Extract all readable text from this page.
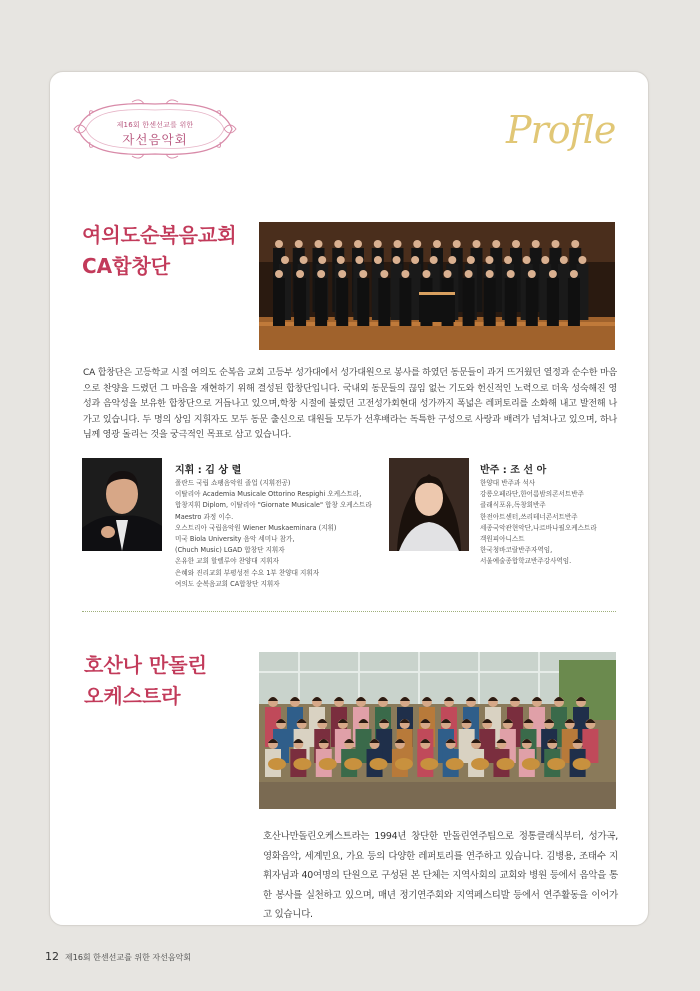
제16회 한센선교를 위한
자선음악회	Profle
여의도순복음교회
CA합창단
CA 합창단은 고등학교 시절 여의도 순복음 교회 고등부 성가대에서 성가대원으로 봉사를 하였던 동문들이 과거 뜨거웠던 열정과 순수한 마음으로 찬양을 드렸던 그 마음을 재현하기 위해 결성된 합창단입니다. 국내외 동문들의 끊임 없는 기도와 헌신적인 노력으로 더욱 성숙해진 영성과 음악성을 보유한 합창단으로 거듭나고 있으며,학창 시절에 불렀던 고전성가회현대 성가까지 폭넓은 레퍼토리를 소화해 내고 발전해 나가고 있습니다. 두 명의 상임 지휘자도 모두 동문 출신으로 대원들 모두가 선후배라는 독특한 구성으로 사랑과 배려가 넘쳐나고 있으며, 하나님께 영광 돌리는 것을 궁극적인 목표로 삼고 있습니다.
지휘 : 김 상 렬
폴란드 국립 쇼팽음악원 졸업 (지휘전공)
이탈리아 Academia Musicale Ottorino Respighi 오케스트라,
합창지휘 Diplom, 이탈리아 "Giornate Musicale" 합창 오케스트라
Maestro 과정 이수.
오스트리아 국립음악원 Wiener Muskaeminara (지휘)
미국 Biola University 음악 세미나 참가,
(Chuch Music) LGAD 합창단 지휘자
온유한 교회 할렐루야 찬양대 지휘자
은혜와 진리교회 부평성전 수요 1부 찬양대 지휘자
여의도 순복음교회 CA합창단 지휘자
반주 : 조 선 아
한양대 반주과 석사
강릉오페라단,한어름밤의콘서트반주
클래식포유,독창회반주
한전아트센터,쓰리테너콘서트반주
세종국악관현악단,나르바나필오케스트라
객원피아니스트
한국청바코랄반주자역임,
서울예술종합학교반주강사역임.
호산나 만돌린
오케스트라
호산나만돌린오케스트라는 1994년 창단한 만돌린연주팀으로 정통클래식부터, 성가곡, 영화음악, 세계민요, 가요 등의 다양한 레퍼토리를 연주하고 있습니다. 김병용, 조태수 지휘자님과 40여명의 단원으로 구성된 본 단체는 지역사회의 교회와 병원 등에서 음악을 통한 봉사를 실천하고 있으며, 매년 정기연주회와 지역페스티발 등에서 연주활동을 이어가고 있습니다.
12 제16회 한센선교를 위한 자선음악회
